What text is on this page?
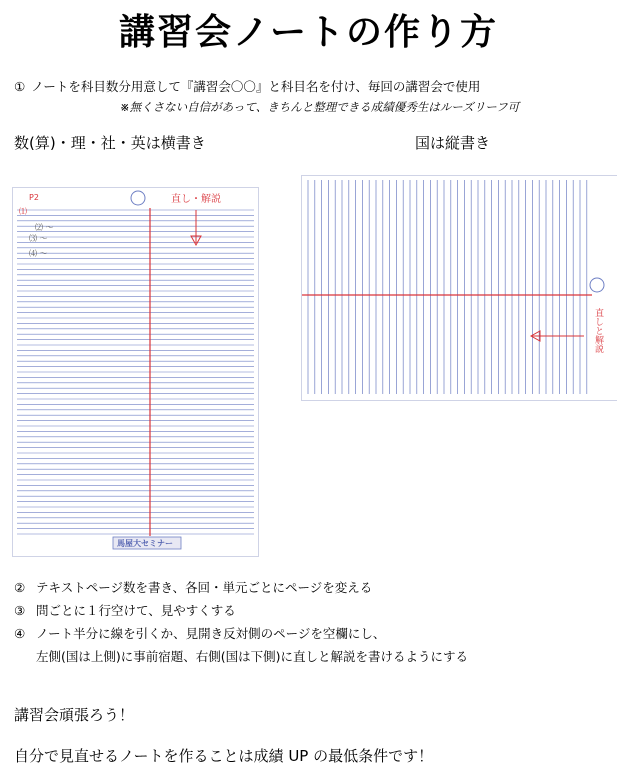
講習会ノートの作り方
① ノートを科目数分用意して『講習会〇〇』と科目名を付け、毎回の講習会で使用
※無くさない自信があって、きちんと整理できる成績優秀生はルーズリーフ可
数(算)・理・社・英は横書き	国は縦書き
直し・解説
P2
⑴
⑵ ～
⑶ ～
⑷ ～
馬屋大セミナー
直しと解説
② テキストページ数を書き、各回・単元ごとにページを変える
③ 問ごとに１行空けて、見やすくする
④ ノート半分に線を引くか、見開き反対側のページを空欄にし、
左側(国は上側)に事前宿題、右側(国は下側)に直しと解説を書けるようにする
講習会頑張ろう！
自分で見直せるノートを作ることは成績 UP の最低条件です！
